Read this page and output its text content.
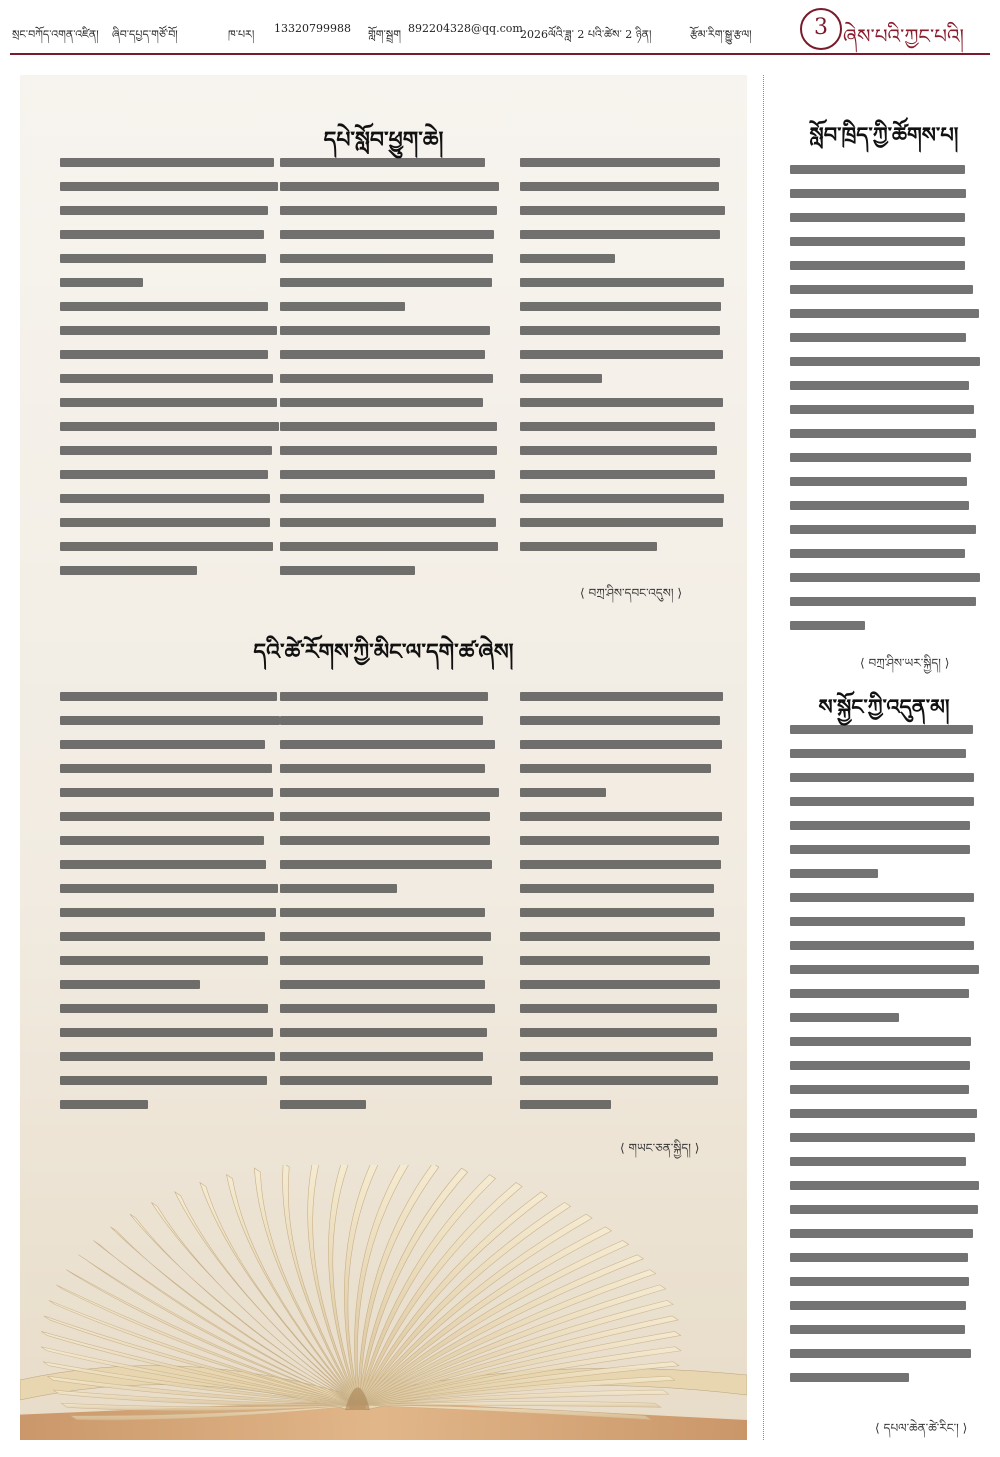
སྲང་བཀོད་འགན་འཛིན། ཞིབ་དཔྱད་གཙོ་བོ།	ཁ་པར། 13320799988 གློག་སྦྲག 892204328@qq.com
2026ལོའི་ཟླ་ 2 པའི་ཚེས་ 2 ཉིན།	རྩོམ་རིག་སྒྱུ་རྩལ།	3 ཞེས་པའི་ཀྱང་པའི།
དཔེ་སློབ་ཕྱུག་ཆེ།
⟨ བཀྲ་ཤིས་དབང་འདུས། ⟩
དའི་ཚེ་རོགས་ཀྱི་མིང་ལ་དགེ་ཚ་ཞེས།
⟨ གཡང་ཅན་སྐྱིད། ⟩
སློབ་ཁྲིད་ཀྱི་ཚོགས་པ།
⟨ བཀྲ་ཤིས་ཡར་སྐྱིད། ⟩
ས་སྐྱོང་ཀྱི་འདུན་མ།
⟨ དཔལ་ཆེན་ཚེ་རིང་། ⟩
